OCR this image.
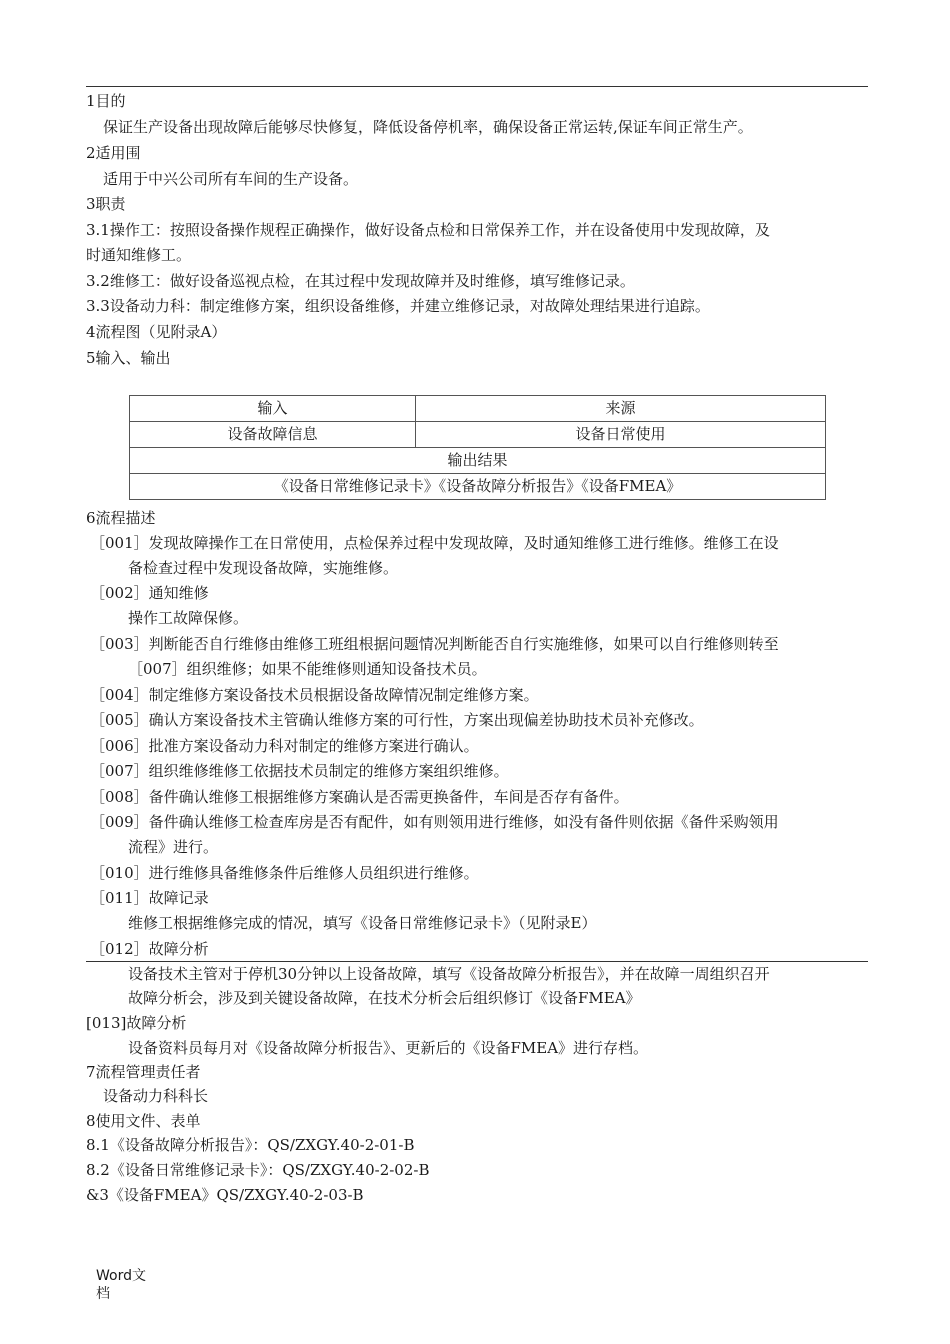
1目的
保证生产设备出现故障后能够尽快修复，降低设备停机率，确保设备正常运转,保证车间正常生产。
2适用围
适用于中兴公司所有车间的生产设备。
3职责
3.1操作工：按照设备操作规程正确操作，做好设备点检和日常保养工作，并在设备使用中发现故障，及
时通知维修工。
3.2维修工：做好设备巡视点检，在其过程中发现故障并及时维修，填写维修记录。
3.3设备动力科：制定维修方案，组织设备维修，并建立维修记录，对故障处理结果进行追踪。
4流程图（见附录A）
5输入、输出
输入	来源
设备故障信息	设备日常使用
输出结果	
《设备日常维修记录卡》《设备故障分析报告》《设备FMEA》	
6流程描述
［001］发现故障操作工在日常使用，点检保养过程中发现故障，及时通知维修工进行维修。维修工在设
备检查过程中发现设备故障，实施维修。
［002］通知维修
操作工故障保修。
［003］判断能否自行维修由维修工班组根据问题情况判断能否自行实施维修，如果可以自行维修则转至
［007］组织维修；如果不能维修则通知设备技术员。
［004］制定维修方案设备技术员根据设备故障情况制定维修方案。
［005］确认方案设备技术主管确认维修方案的可行性，方案出现偏差协助技术员补充修改。
［006］批准方案设备动力科对制定的维修方案进行确认。
［007］组织维修维修工依据技术员制定的维修方案组织维修。
［008］备件确认维修工根据维修方案确认是否需更换备件，车间是否存有备件。
［009］备件确认维修工检查库房是否有配件，如有则领用进行维修，如没有备件则依据《备件采购领用
流程》进行。
［010］进行维修具备维修条件后维修人员组织进行维修。
［011］故障记录
维修工根据维修完成的情况，填写《设备日常维修记录卡》（见附录E）
［012］故障分析
设备技术主管对于停机30分钟以上设备故障，填写《设备故障分析报告》，并在故障一周组织召开
故障分析会，涉及到关键设备故障，在技术分析会后组织修订《设备FMEA》
[013]故障分析
设备资料员每月对《设备故障分析报告》、更新后的《设备FMEA》进行存档。
7流程管理责任者
设备动力科科长
8使用文件、表单
8.1《设备故障分析报告》：QS/ZXGY.40-2-01-B
8.2《设备日常维修记录卡》：QS/ZXGY.40-2-02-B
&3《设备FMEA》QS/ZXGY.40-2-03-B
Word文
档
